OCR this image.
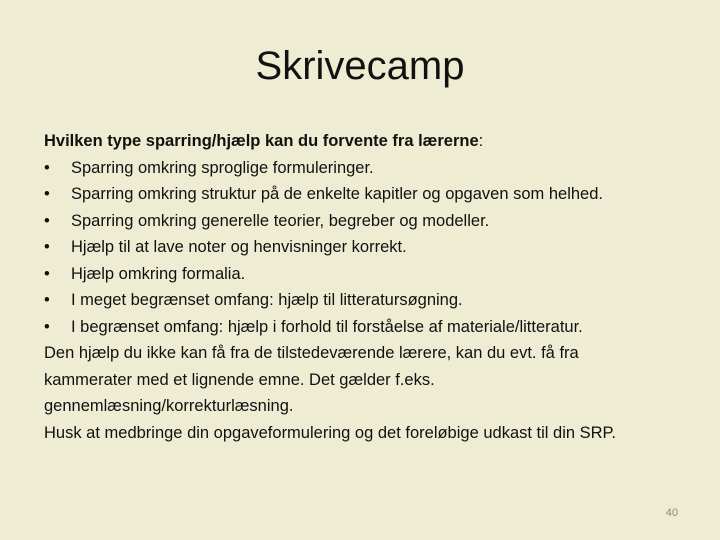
Skrivecamp
Hvilken type sparring/hjælp kan du forvente fra lærerne:
• Sparring omkring sproglige formuleringer.
• Sparring omkring struktur på de enkelte kapitler og opgaven som helhed.
• Sparring omkring generelle teorier, begreber og modeller.
• Hjælp til at lave noter og henvisninger korrekt.
• Hjælp omkring formalia.
• I meget begrænset omfang: hjælp til litteratursøgning.
• I begrænset omfang: hjælp i forhold til forståelse af materiale/litteratur.
Den hjælp du ikke kan få fra de tilstedeværende lærere, kan du evt. få fra kammerater med et lignende emne. Det gælder f.eks. gennemlæsning/korrekturlæsning.
Husk at medbringe din opgaveformulering og det foreløbige udkast til din SRP.
40
